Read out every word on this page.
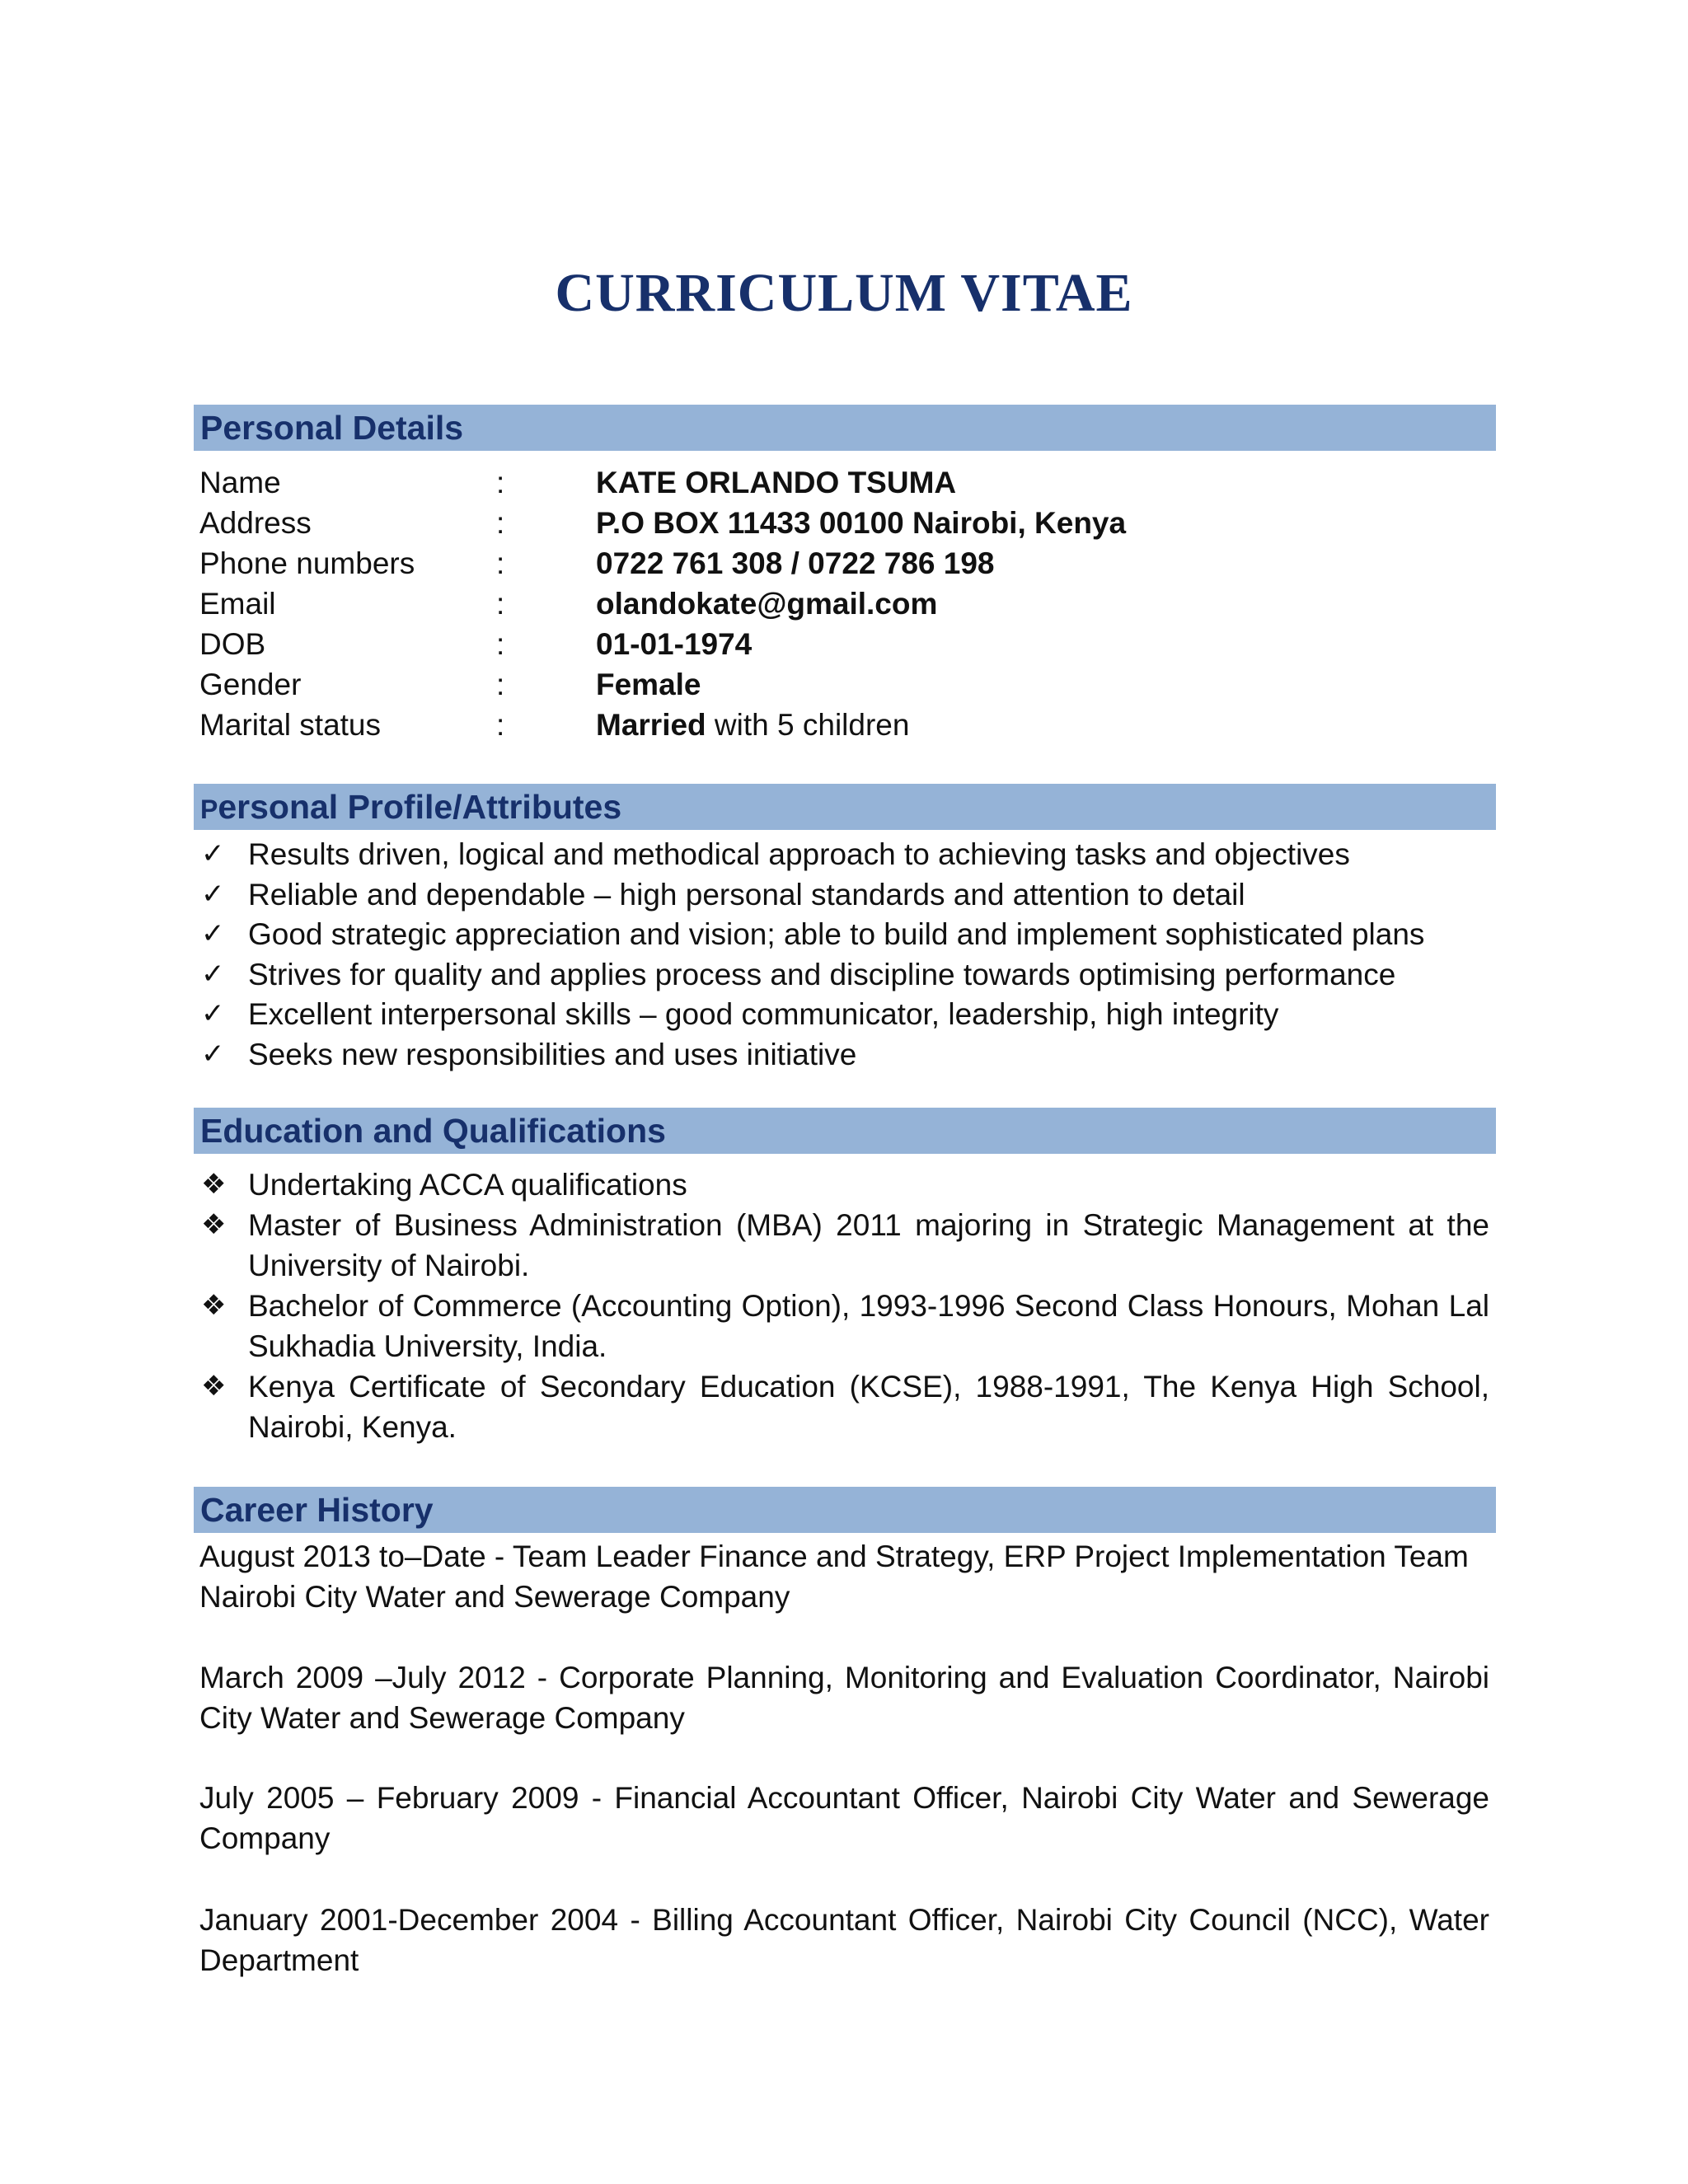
CURRICULUM VITAE
Personal Details
Name	:	KATE ORLANDO TSUMA
Address	:	P.O BOX 11433 00100 Nairobi, Kenya
Phone numbers	:	0722 761 308 / 0722 786 198
Email	:	olandokate@gmail.com
DOB	:	01-01-1974
Gender	:	Female
Marital status	:	Married with 5 children
Personal Profile/Attributes
✓ Results driven, logical and methodical approach to achieving tasks and objectives
✓ Reliable and dependable – high personal standards and attention to detail
✓ Good strategic appreciation and vision; able to build and implement sophisticated plans
✓ Strives for quality and applies process and discipline towards optimising performance
✓ Excellent interpersonal skills – good communicator, leadership, high integrity
✓ Seeks new responsibilities and uses initiative
Education and Qualifications
❖ Undertaking ACCA qualifications

❖ Master of Business Administration (MBA) 2011 majoring in Strategic Management at the University of Nairobi.

❖ Bachelor of Commerce (Accounting Option), 1993-1996 Second Class Honours, Mohan Lal Sukhadia University, India.

❖ Kenya Certificate of Secondary Education (KCSE), 1988-1991, The Kenya High School, Nairobi, Kenya.

Career History

August 2013 to–Date - Team Leader Finance and Strategy, ERP Project Implementation Team Nairobi City Water and Sewerage Company

March 2009 –July 2012 - Corporate Planning, Monitoring and Evaluation Coordinator, Nairobi City Water and Sewerage Company

July 2005 – February 2009 - Financial Accountant Officer, Nairobi City Water and Sewerage Company

January 2001-December 2004 - Billing Accountant Officer, Nairobi City Council (NCC), Water Department
